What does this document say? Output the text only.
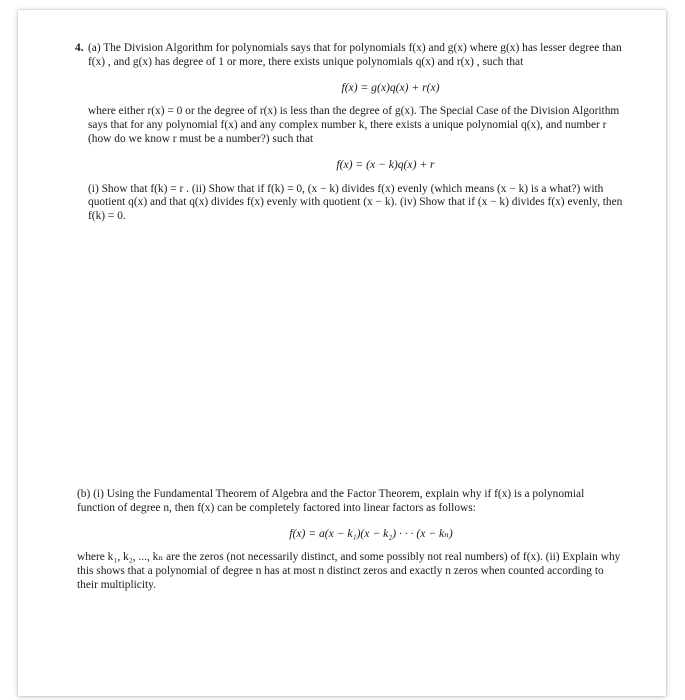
4. (a) The Division Algorithm for polynomials says that for polynomials f(x) and g(x) where g(x) has lesser degree than f(x) , and g(x) has degree of 1 or more, there exists unique polynomials q(x) and r(x) , such that

f(x) = g(x)q(x) + r(x)

where either r(x) = 0 or the degree of r(x) is less than the degree of g(x). The Special Case of the Division Algorithm says that for any polynomial f(x) and any complex number k, there exists a unique polynomial q(x), and number r (how do we know r must be a number?) such that

f(x) = (x − k)q(x) + r

(i) Show that f(k) = r . (ii) Show that if f(k) = 0, (x − k) divides f(x) evenly (which means (x − k) is a what?) with quotient q(x) and that q(x) divides f(x) evenly with quotient (x − k). (iv) Show that if (x − k) divides f(x) evenly, then f(k) = 0.

(b) (i) Using the Fundamental Theorem of Algebra and the Factor Theorem, explain why if f(x) is a polynomial function of degree n, then f(x) can be completely factored into linear factors as follows:

f(x) = a(x − k₁)(x − k₂) · · · (x − kₙ)

where k₁, k₂, ..., kₙ are the zeros (not necessarily distinct, and some possibly not real numbers) of f(x). (ii) Explain why this shows that a polynomial of degree n has at most n distinct zeros and exactly n zeros when counted according to their multiplicity.
